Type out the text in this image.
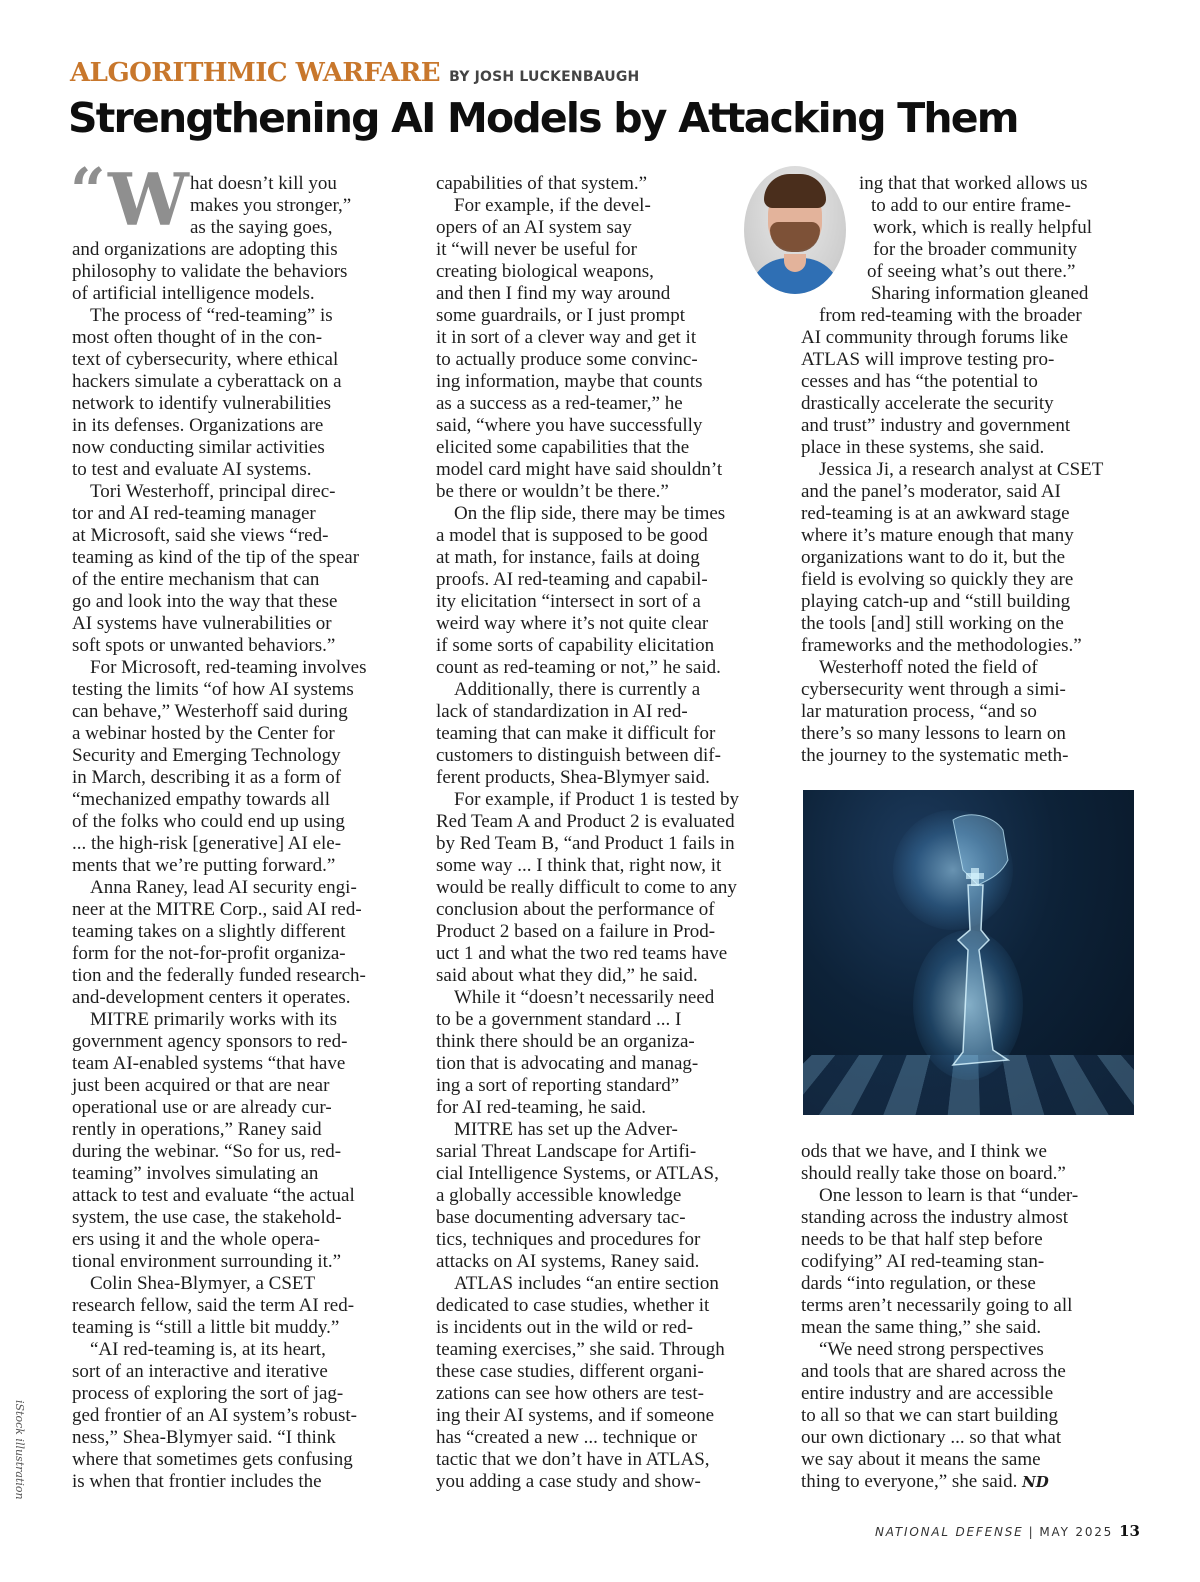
ALGORITHMIC WARFARE BY JOSH LUCKENBAUGH
Strengthening AI Models by Attacking Them
“ W hat doesn’t kill you
makes you stronger,”
as the saying goes,
and organizations are adopting this
philosophy to validate the behaviors
of artificial intelligence models.
The process of “red-teaming” is
most often thought of in the con-
text of cybersecurity, where ethical
hackers simulate a cyberattack on a
network to identify vulnerabilities
in its defenses. Organizations are
now conducting similar activities
to test and evaluate AI systems.
Tori Westerhoff, principal direc-
tor and AI red-teaming manager
at Microsoft, said she views “red-
teaming as kind of the tip of the spear
of the entire mechanism that can
go and look into the way that these
AI systems have vulnerabilities or
soft spots or unwanted behaviors.”
For Microsoft, red-teaming involves
testing the limits “of how AI systems
can behave,” Westerhoff said during
a webinar hosted by the Center for
Security and Emerging Technology
in March, describing it as a form of
“mechanized empathy towards all
of the folks who could end up using
... the high-risk [generative] AI ele-
ments that we’re putting forward.”
Anna Raney, lead AI security engi-
neer at the MITRE Corp., said AI red-
teaming takes on a slightly different
form for the not-for-profit organiza-
tion and the federally funded research-
and-development centers it operates.
MITRE primarily works with its
government agency sponsors to red-
team AI-enabled systems “that have
just been acquired or that are near
operational use or are already cur-
rently in operations,” Raney said
during the webinar. “So for us, red-
teaming” involves simulating an
attack to test and evaluate “the actual
system, the use case, the stakehold-
ers using it and the whole opera-
tional environment surrounding it.”
Colin Shea-Blymyer, a CSET
research fellow, said the term AI red-
teaming is “still a little bit muddy.”
“AI red-teaming is, at its heart,
sort of an interactive and iterative
process of exploring the sort of jag-
ged frontier of an AI system’s robust-
ness,” Shea-Blymyer said. “I think
where that sometimes gets confusing
is when that frontier includes the
capabilities of that system.”
For example, if the devel-
opers of an AI system say
it “will never be useful for
creating biological weapons,
and then I find my way around
some guardrails, or I just prompt
it in sort of a clever way and get it
to actually produce some convinc-
ing information, maybe that counts
as a success as a red-teamer,” he
said, “where you have successfully
elicited some capabilities that the
model card might have said shouldn’t
be there or wouldn’t be there.”
On the flip side, there may be times
a model that is supposed to be good
at math, for instance, fails at doing
proofs. AI red-teaming and capabil-
ity elicitation “intersect in sort of a
weird way where it’s not quite clear
if some sorts of capability elicitation
count as red-teaming or not,” he said.
Additionally, there is currently a
lack of standardization in AI red-
teaming that can make it difficult for
customers to distinguish between dif-
ferent products, Shea-Blymyer said.
For example, if Product 1 is tested by
Red Team A and Product 2 is evaluated
by Red Team B, “and Product 1 fails in
some way ... I think that, right now, it
would be really difficult to come to any
conclusion about the performance of
Product 2 based on a failure in Prod-
uct 1 and what the two red teams have
said about what they did,” he said.
While it “doesn’t necessarily need
to be a government standard ... I
think there should be an organiza-
tion that is advocating and manag-
ing a sort of reporting standard”
for AI red-teaming, he said.
MITRE has set up the Adver-
sarial Threat Landscape for Artifi-
cial Intelligence Systems, or ATLAS,
a globally accessible knowledge
base documenting adversary tac-
tics, techniques and procedures for
attacks on AI systems, Raney said.
ATLAS includes “an entire section
dedicated to case studies, whether it
is incidents out in the wild or red-
teaming exercises,” she said. Through
these case studies, different organi-
zations can see how others are test-
ing their AI systems, and if someone
has “created a new ... technique or
tactic that we don’t have in ATLAS,
you adding a case study and show-
ing that that worked allows us
to add to our entire frame-
work, which is really helpful
for the broader community
of seeing what’s out there.”
Sharing information gleaned
from red-teaming with the broader
AI community through forums like
ATLAS will improve testing pro-
cesses and has “the potential to
drastically accelerate the security
and trust” industry and government
place in these systems, she said.
Jessica Ji, a research analyst at CSET
and the panel’s moderator, said AI
red-teaming is at an awkward stage
where it’s mature enough that many
organizations want to do it, but the
field is evolving so quickly they are
playing catch-up and “still building
the tools [and] still working on the
frameworks and the methodologies.”
Westerhoff noted the field of
cybersecurity went through a simi-
lar maturation process, “and so
there’s so many lessons to learn on
the journey to the systematic meth-
ods that we have, and I think we
should really take those on board.”
One lesson to learn is that “under-
standing across the industry almost
needs to be that half step before
codifying” AI red-teaming stan-
dards “into regulation, or these
terms aren’t necessarily going to all
mean the same thing,” she said.
“We need strong perspectives
and tools that are shared across the
entire industry and are accessible
to all so that we can start building
our own dictionary ... so that what
we say about it means the same
thing to everyone,” she said. ND
iStock illustration
NATIONAL DEFENSE | MAY 2025 13
